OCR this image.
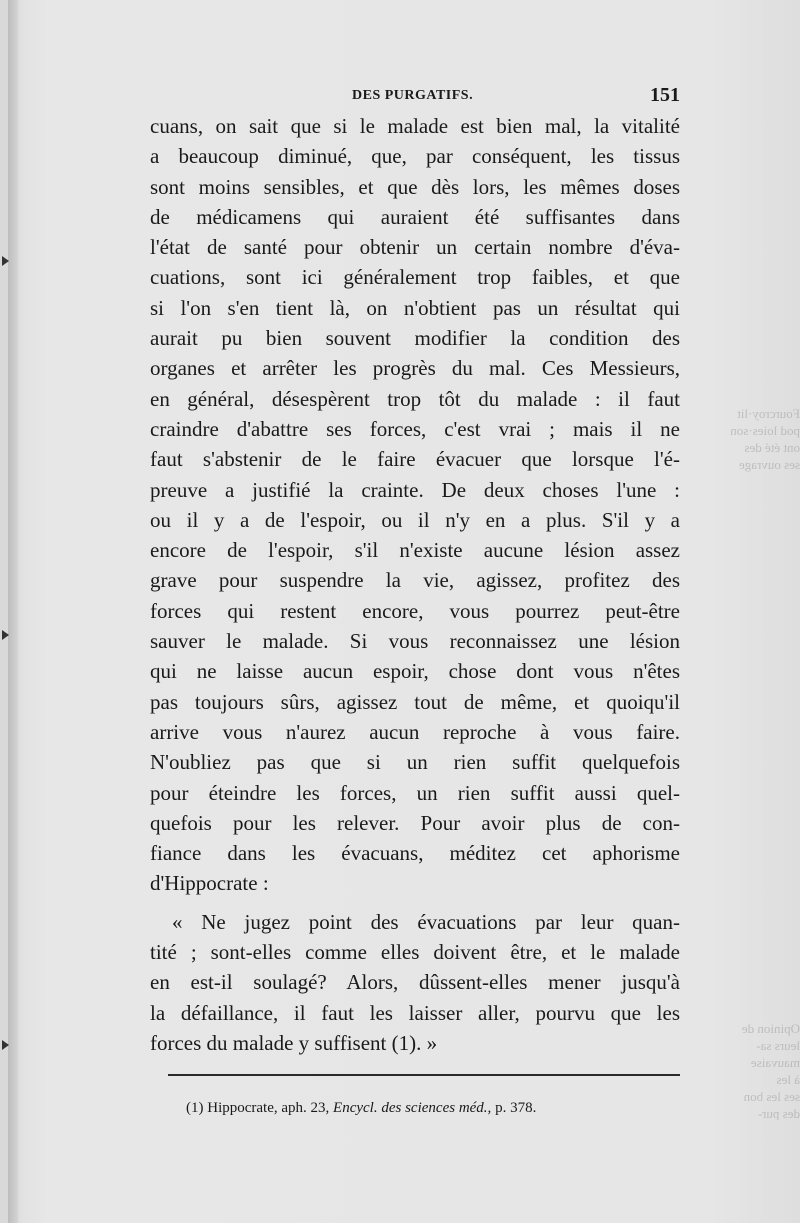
Fourcroy·lit
pod loies·son
ont été des
ses ouvrage
Opinion de
leurs sa-
mauvaise
à les
ses les bon
des pur-
DES PURGATIFS.	151
cuans, on sait que si le malade est bien mal, la vitalité
a beaucoup diminué, que, par conséquent, les tissus
sont moins sensibles, et que dès lors, les mêmes doses
de médicamens qui auraient été suffisantes dans
l'état de santé pour obtenir un certain nombre d'éva-
cuations, sont ici généralement trop faibles, et que
si l'on s'en tient là, on n'obtient pas un résultat qui
aurait pu bien souvent modifier la condition des
organes et arrêter les progrès du mal. Ces Messieurs,
en général, désespèrent trop tôt du malade : il faut
craindre d'abattre ses forces, c'est vrai ; mais il ne
faut s'abstenir de le faire évacuer que lorsque l'é-
preuve a justifié la crainte. De deux choses l'une :
ou il y a de l'espoir, ou il n'y en a plus. S'il y a
encore de l'espoir, s'il n'existe aucune lésion assez
grave pour suspendre la vie, agissez, profitez des
forces qui restent encore, vous pourrez peut-être
sauver le malade. Si vous reconnaissez une lésion
qui ne laisse aucun espoir, chose dont vous n'êtes
pas toujours sûrs, agissez tout de même, et quoiqu'il
arrive vous n'aurez aucun reproche à vous faire.
N'oubliez pas que si un rien suffit quelquefois
pour éteindre les forces, un rien suffit aussi quel-
quefois pour les relever. Pour avoir plus de con-
fiance dans les évacuans, méditez cet aphorisme
d'Hippocrate :
« Ne jugez point des évacuations par leur quan-
tité ; sont-elles comme elles doivent être, et le malade
en est-il soulagé? Alors, dûssent-elles mener jusqu'à
la défaillance, il faut les laisser aller, pourvu que les
forces du malade y suffisent (1). »
(1) Hippocrate, aph. 23, Encycl. des sciences méd., p. 378.
